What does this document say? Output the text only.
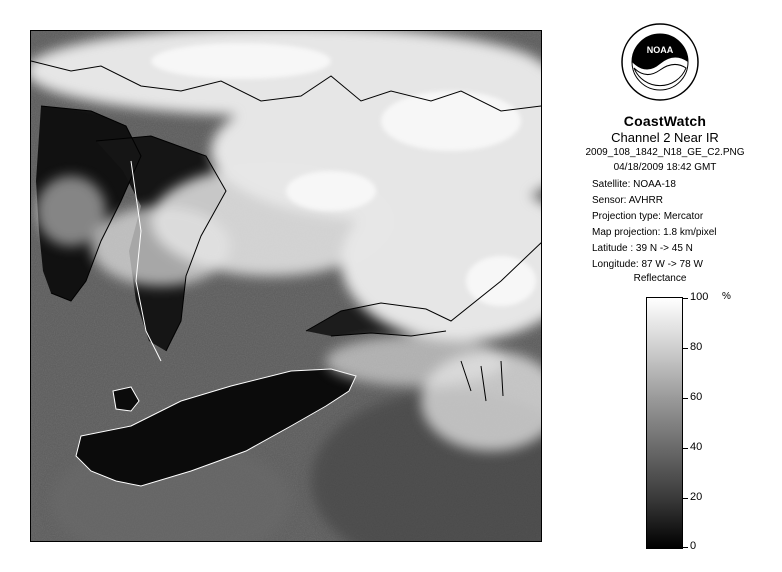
NOAA
CoastWatch
Channel 2 Near IR
2009_108_1842_N18_GE_C2.PNG
04/18/2009 18:42 GMT
Satellite: NOAA-18
Sensor: AVHRR
Projection type: Mercator
Map projection: 1.8 km/pixel
Latitude : 39 N -> 45 N
Longitude: 87 W -> 78 W
Reflectance
%
100
80
60
40
20
0
